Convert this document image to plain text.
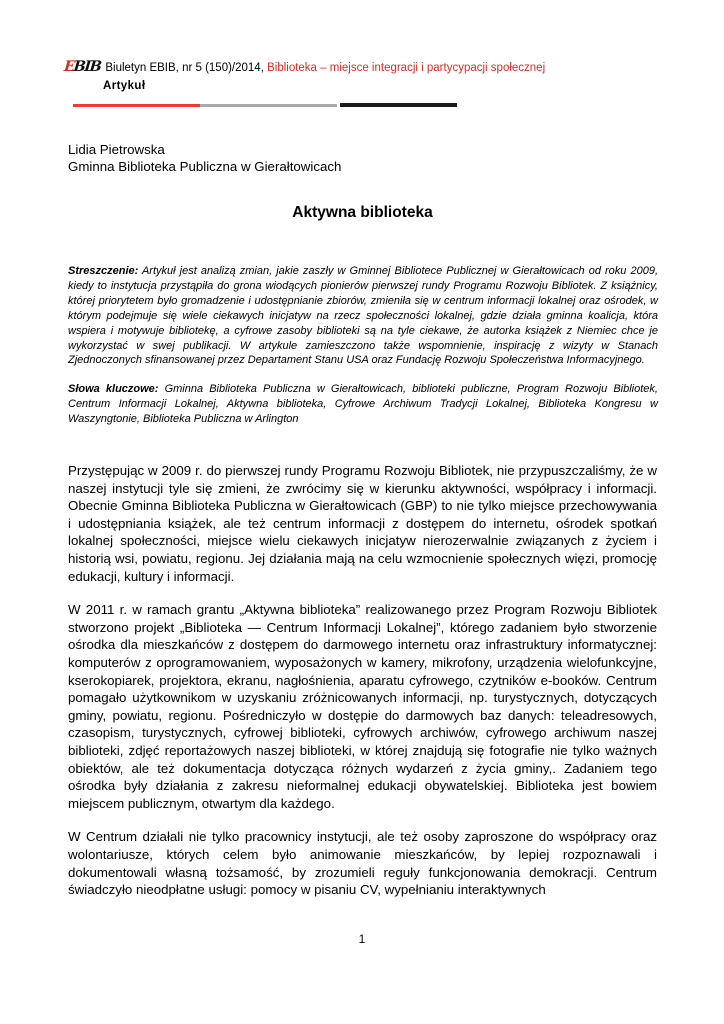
EBIB Biuletyn EBIB, nr 5 (150)/2014, Biblioteka – miejsce integracji i partycypacji społecznej
Artykuł
Lidia Pietrowska
Gminna Biblioteka Publiczna w Gierałtowicach
Aktywna biblioteka

Streszczenie: Artykuł jest analizą zmian, jakie zaszły w Gminnej Bibliotece Publicznej w Gierałtowicach od roku 2009, kiedy to instytucja przystąpiła do grona wiodących pionierów pierwszej rundy Programu Rozwoju Bibliotek. Z książnicy, której priorytetem było gromadzenie i udostępnianie zbiorów, zmieniła się w centrum informacji lokalnej oraz ośrodek, w którym podejmuje się wiele ciekawych inicjatyw na rzecz społeczności lokalnej, gdzie działa gminna koalicja, która wspiera i motywuje bibliotekę, a cyfrowe zasoby biblioteki są na tyle ciekawe, że autorka książek z Niemiec chce je wykorzystać w swej publikacji. W artykule zamieszczono także wspomnienie, inspirację z wizyty w Stanach Zjednoczonych sfinansowanej przez Departament Stanu USA oraz Fundację Rozwoju Społeczeństwa Informacyjnego.

Słowa kluczowe: Gminna Biblioteka Publiczna w Gierałtowicach, biblioteki publiczne, Program Rozwoju Bibliotek, Centrum Informacji Lokalnej, Aktywna biblioteka, Cyfrowe Archiwum Tradycji Lokalnej, Biblioteka Kongresu w Waszyngtonie, Biblioteka Publiczna w Arlington

Przystępując w 2009 r. do pierwszej rundy Programu Rozwoju Bibliotek, nie przypuszczaliśmy, że w naszej instytucji tyle się zmieni, że zwrócimy się w kierunku aktywności, współpracy i informacji. Obecnie Gminna Biblioteka Publiczna w Gierałtowicach (GBP) to nie tylko miejsce przechowywania i udostępniania książek, ale też centrum informacji z dostępem do internetu, ośrodek spotkań lokalnej społeczności, miejsce wielu ciekawych inicjatyw nierozerwalnie związanych z życiem i historią wsi, powiatu, regionu. Jej działania mają na celu wzmocnienie społecznych więzi, promocję edukacji, kultury i informacji.

W 2011 r. w ramach grantu „Aktywna biblioteka” realizowanego przez Program Rozwoju Bibliotek stworzono projekt „Biblioteka — Centrum Informacji Lokalnej”, którego zadaniem było stworzenie ośrodka dla mieszkańców z dostępem do darmowego internetu oraz infrastruktury informatycznej: komputerów z oprogramowaniem, wyposażonych w kamery, mikrofony, urządzenia wielofunkcyjne, kserokopiarek, projektora, ekranu, nagłośnienia, aparatu cyfrowego, czytników e-booków. Centrum pomagało użytkownikom w uzyskaniu zróżnicowanych informacji, np. turystycznych, dotyczących gminy, powiatu, regionu. Pośredniczyło w dostępie do darmowych baz danych: teleadresowych, czasopism, turystycznych, cyfrowej biblioteki, cyfrowych archiwów, cyfrowego archiwum naszej biblioteki, zdjęć reportażowych naszej biblioteki, w której znajdują się fotografie nie tylko ważnych obiektów, ale też dokumentacja dotycząca różnych wydarzeń z życia gminy,. Zadaniem tego ośrodka były działania z zakresu nieformalnej edukacji obywatelskiej. Biblioteka jest bowiem miejscem publicznym, otwartym dla każdego.

W Centrum działali nie tylko pracownicy instytucji, ale też osoby zaproszone do współpracy oraz wolontariusze, których celem było animowanie mieszkańców, by lepiej rozpoznawali i dokumentowali własną tożsamość, by zrozumieli reguły funkcjonowania demokracji. Centrum świadczyło nieodpłatne usługi: pomocy w pisaniu CV, wypełnianiu interaktywnych

1
